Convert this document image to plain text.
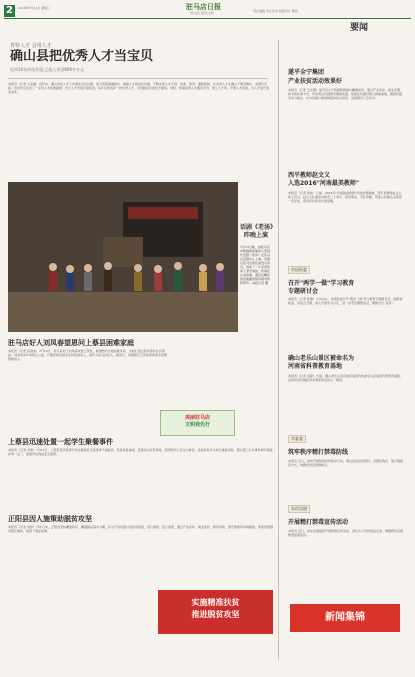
2	2016年7月14日 星期三	驻马店日报
驻马店日报社出版	责任编辑 责任校对 版面设计 要闻
要闻
育特人才 会用人才
确山县把优秀人才当宝贝
近四10年评选发现,已投入资金600多万元
本报讯（记者 王孟刚）近年来，确山县把人才工作摆在突出位置，着力营造尊重知识、尊重人才的良好氛围，不断完善人才引进、培养、使用、激励机制，让各类人才在确山干事有舞台、发展有空间。该县先后出台了一系列人才政策措施，设立人才发展专项资金，每年评选表彰一批优秀人才，对贡献突出的给予重奖。同时，积极搭建人才服务平台，建立人才库，开展人才培训，为人才成长创造条件。
话剧《老汤》
昨晚上演
7月13日晚，由驻马店市豫剧团排演的大型现代话剧《老汤》在驻马店会展中心上演。该剧以驻马店特色美食为背景，讲述了一个老汤传承人坚守诚信、传承匠心的故事。演员们精彩的表演赢得现场观众阵阵掌声。本报记者 摄
遂平全宁集团
产业扶贫活动效果好
本报讯（记者 王志刚）遂平县全宁集团积极参与精准扶贫，通过产业带动、就业安置、技术帮扶等方式，带动周边贫困群众增收致富。集团在贫困村建立种植基地，吸纳贫困劳动力就业，并为贫困户提供种苗和技术指导，受到群众广泛好评。
西平教师赵文义
入选2016"河南最美教师"
本报讯（记者 周杰）日前，2016年"河南最美教师"评选结果揭晓，西平县教师赵文义榜上有名。赵文义扎根乡村教育三十余年，爱岗敬业，无私奉献，用爱心和耐心关爱每一名学生，深受学生和家长的爱戴。
市国资委
召开"两学一做"学习教育
专题研讨会
本报讯（记者 陈静）7月12日，市国资委召开"两学一做"学习教育专题研讨会，围绕讲政治、有信念专题，深入开展学习讨论，进一步坚定理想信念，增强"四个意识"。
确山老乐山景区被命名为
河南省科普教育基地
本报讯（记者 吴敏）日前，确山老乐山景区被河南省科协命名为河南省科普教育基地，这是该景区继获得多项荣誉后的又一殊荣。
市委委
筑牢秩序精打禁毒防线
本报讯 近日，我市开展禁毒宣传集中行动，通过发放宣传资料、设置咨询台、展示图板等方式，向群众普及禁毒知识。
东岸店镇
开展精打禁毒宣传活动
本报讯 近日，东岸店镇组织开展禁毒宣传活动，进村入户宣传毒品危害，增强群众识毒防毒拒毒意识。
驻马店好人刘凤春望恩问上蔡县困难家庭
本报讯（记者 张国成）7月13日，驻马店好人刘凤春来到上蔡县，看望慰问当地困难家庭，为他们送去慰问金和生活用品。刘凤春多年来热心公益，长期资助贫困学生和孤寡老人，被评为驻马店好人。她表示，将继续尽己所能帮助更多需要帮助的人。
美丽驻马店
文明我先行
上蔡县迅速处置一起学生聚餐事件
本报讯（记者 李明）7月11日，上蔡县某学校部分学生聚餐后出现身体不适症状，该县高度重视，迅速启动应急预案，组织医护人员全力救治，目前所有学生均已康复出院。相关部门已对事件展开调查，并举一反三，加强学校食品安全监管。
正阳县因人施策助脱贫攻坚
本报讯（记者 刘洋）今年以来，正阳县坚持精准扶贫、精准脱贫基本方略，针对不同贫困户的致贫原因，因户施策、因人施策，通过产业扶持、就业帮扶、教育资助、医疗救助等多种措施，帮助贫困群众稳定增收，取得了明显成效。
实施精准扶贫
推进脱贫攻坚	新闻集锦
